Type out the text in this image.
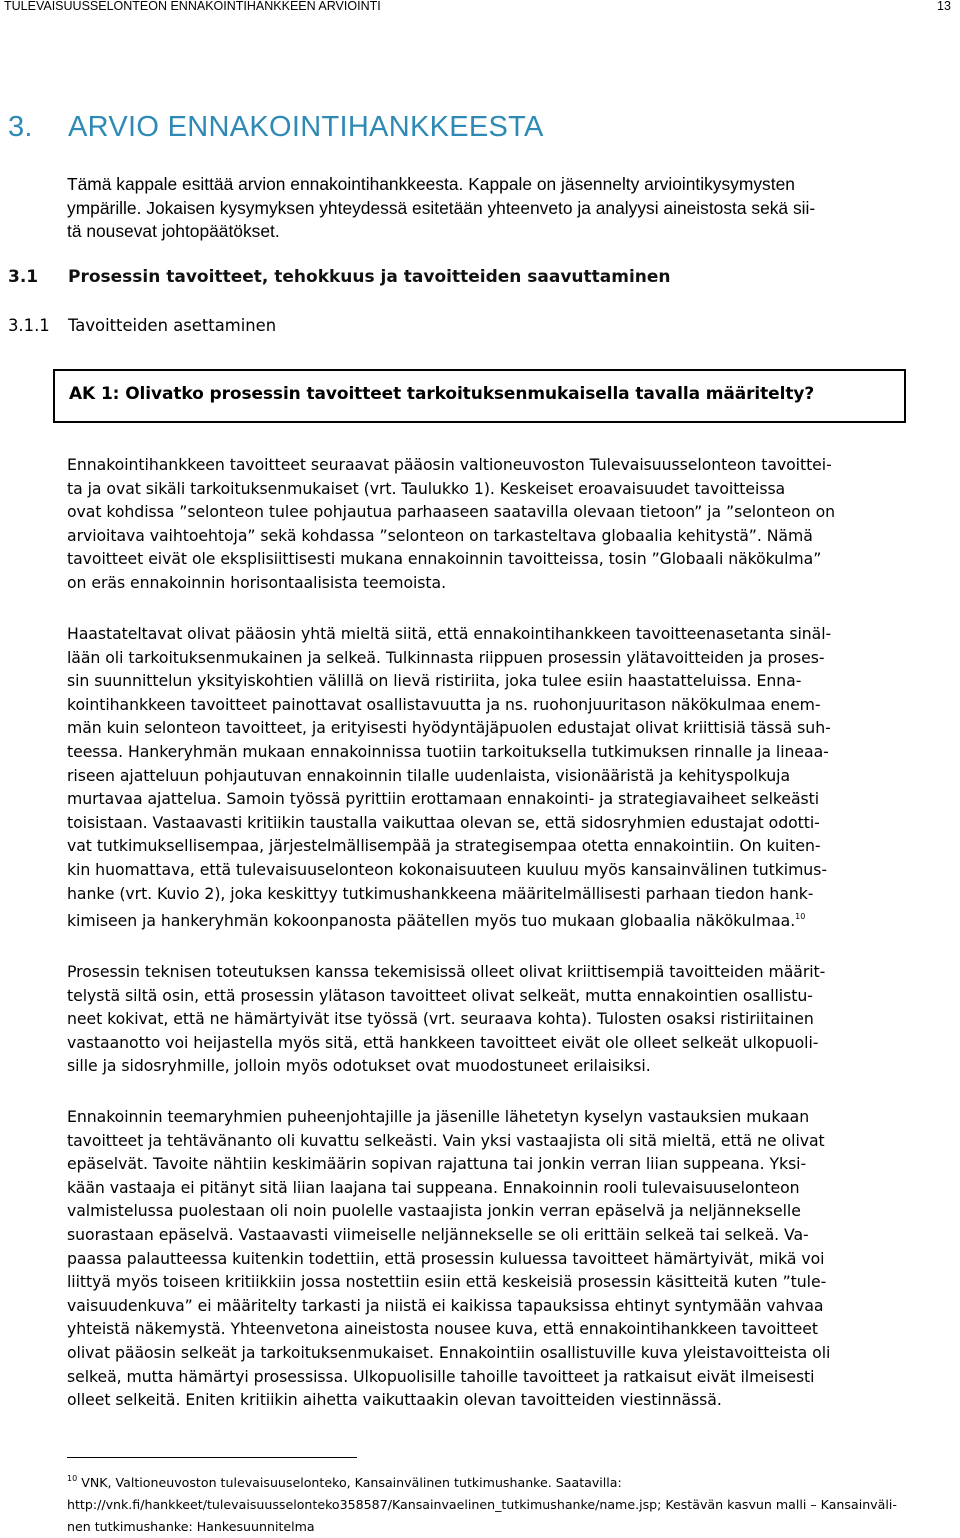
TULEVAISUUSSELONTEON ENNAKOINTIHANKKEEN ARVIOINTI	13
3. ARVIO ENNAKOINTIHANKKEESTA
Tämä kappale esittää arvion ennakointihankkeesta. Kappale on jäsennelty arviointikysymysten
ympärille. Jokaisen kysymyksen yhteydessä esitetään yhteenveto ja analyysi aineistosta sekä sii-
tä nousevat johtopäätökset.
3.1 Prosessin tavoitteet, tehokkuus ja tavoitteiden saavuttaminen
3.1.1 Tavoitteiden asettaminen
AK 1: Olivatko prosessin tavoitteet tarkoituksenmukaisella tavalla määritelty?
Ennakointihankkeen tavoitteet seuraavat pääosin valtioneuvoston Tulevaisuusselonteon tavoittei-
ta ja ovat sikäli tarkoituksenmukaiset (vrt. Taulukko 1). Keskeiset eroavaisuudet tavoitteissa
ovat kohdissa ”selonteon tulee pohjautua parhaaseen saatavilla olevaan tietoon” ja ”selonteon on
arvioitava vaihtoehtoja” sekä kohdassa ”selonteon on tarkasteltava globaalia kehitystä”. Nämä
tavoitteet eivät ole eksplisiittisesti mukana ennakoinnin tavoitteissa, tosin ”Globaali näkökulma”
on eräs ennakoinnin horisontaalisista teemoista.
Haastateltavat olivat pääosin yhtä mieltä siitä, että ennakointihankkeen tavoitteenasetanta sinäl-
lään oli tarkoituksenmukainen ja selkeä. Tulkinnasta riippuen prosessin ylätavoitteiden ja proses-
sin suunnittelun yksityiskohtien välillä on lievä ristiriita, joka tulee esiin haastatteluissa. Enna-
kointihankkeen tavoitteet painottavat osallistavuutta ja ns. ruohonjuuritason näkökulmaa enem-
män kuin selonteon tavoitteet, ja erityisesti hyödyntäjäpuolen edustajat olivat kriittisiä tässä suh-
teessa. Hankeryhmän mukaan ennakoinnissa tuotiin tarkoituksella tutkimuksen rinnalle ja lineaa-
riseen ajatteluun pohjautuvan ennakoinnin tilalle uudenlaista, visionääristä ja kehityspolkuja
murtavaa ajattelua. Samoin työssä pyrittiin erottamaan ennakointi- ja strategiavaiheet selkeästi
toisistaan. Vastaavasti kritiikin taustalla vaikuttaa olevan se, että sidosryhmien edustajat odotti-
vat tutkimuksellisempaa, järjestelmällisempää ja strategisempaa otetta ennakointiin. On kuiten-
kin huomattava, että tulevaisuuselonteon kokonaisuuteen kuuluu myös kansainvälinen tutkimus-
hanke (vrt. Kuvio 2), joka keskittyy tutkimushankkeena määritelmällisesti parhaan tiedon hank-
kimiseen ja hankeryhmän kokoonpanosta päätellen myös tuo mukaan globaalia näkökulmaa.$^{10}$
Prosessin teknisen toteutuksen kanssa tekemisissä olleet olivat kriittisempiä tavoitteiden määrit-
telystä siltä osin, että prosessin ylätason tavoitteet olivat selkeät, mutta ennakointien osallistu-
neet kokivat, että ne hämärtyivät itse työssä (vrt. seuraava kohta). Tulosten osaksi ristiriitainen
vastaanotto voi heijastella myös sitä, että hankkeen tavoitteet eivät ole olleet selkeät ulkopuoli-
sille ja sidosryhmille, jolloin myös odotukset ovat muodostuneet erilaisiksi.
Ennakoinnin teemaryhmien puheenjohtajille ja jäsenille lähetetyn kyselyn vastauksien mukaan
tavoitteet ja tehtävänanto oli kuvattu selkeästi. Vain yksi vastaajista oli sitä mieltä, että ne olivat
epäselvät. Tavoite nähtiin keskimäärin sopivan rajattuna tai jonkin verran liian suppeana. Yksi-
kään vastaaja ei pitänyt sitä liian laajana tai suppeana. Ennakoinnin rooli tulevaisuuselonteon
valmistelussa puolestaan oli noin puolelle vastaajista jonkin verran epäselvä ja neljännekselle
suorastaan epäselvä. Vastaavasti viimeiselle neljännekselle se oli erittäin selkeä tai selkeä. Va-
paassa palautteessa kuitenkin todettiin, että prosessin kuluessa tavoitteet hämärtyivät, mikä voi
liittyä myös toiseen kritiikkiin jossa nostettiin esiin että keskeisiä prosessin käsitteitä kuten ”tule-
vaisuudenkuva” ei määritelty tarkasti ja niistä ei kaikissa tapauksissa ehtinyt syntymään vahvaa
yhteistä näkemystä. Yhteenvetona aineistosta nousee kuva, että ennakointihankkeen tavoitteet
olivat pääosin selkeät ja tarkoituksenmukaiset. Ennakointiin osallistuville kuva yleistavoitteista oli
selkeä, mutta hämärtyi prosessissa. Ulkopuolisille tahoille tavoitteet ja ratkaisut eivät ilmeisesti
olleet selkeitä. Eniten kritiikin aihetta vaikuttaakin olevan tavoitteiden viestinnässä.
$^{10}$ VNK, Valtioneuvoston tulevaisuuselonteko, Kansainvälinen tutkimushanke. Saatavilla:
http://vnk.fi/hankkeet/tulevaisuusselonteko358587/Kansainvaelinen_tutkimushanke/name.jsp; Kestävän kasvun malli – Kansainväli-
nen tutkimushanke: Hankesuunnitelma
